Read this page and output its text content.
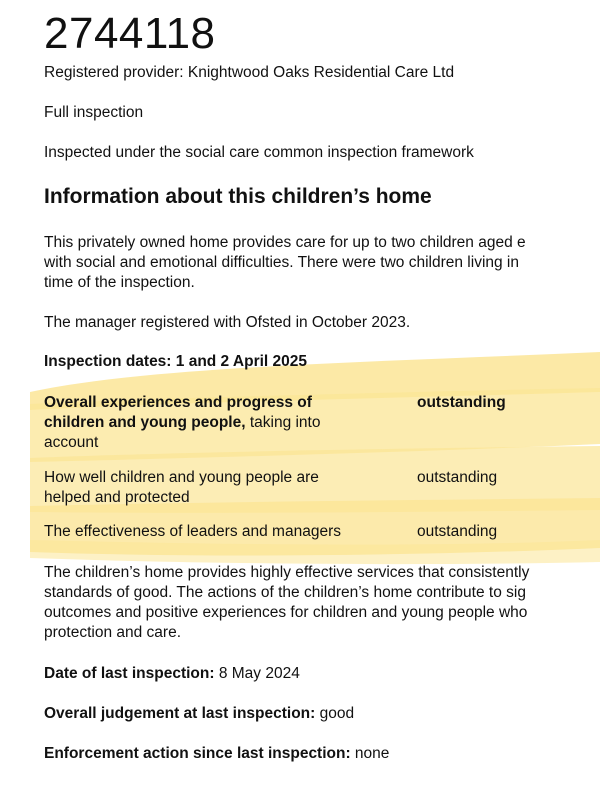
2744118
Registered provider: Knightwood Oaks Residential Care Ltd
Full inspection
Inspected under the social care common inspection framework
Information about this children’s home
This privately owned home provides care for up to two children aged e
with social and emotional difficulties. There were two children living in
time of the inspection.
The manager registered with Ofsted in October 2023.
Inspection dates: 1 and 2 April 2025
Overall experiences and progress of
children and young people, taking into
account
outstanding
How well children and young people are
helped and protected
outstanding
The effectiveness of leaders and managers	outstanding
The children’s home provides highly effective services that consistently
standards of good. The actions of the children’s home contribute to sig
outcomes and positive experiences for children and young people who
protection and care.
Date of last inspection: 8 May 2024
Overall judgement at last inspection: good
Enforcement action since last inspection: none
